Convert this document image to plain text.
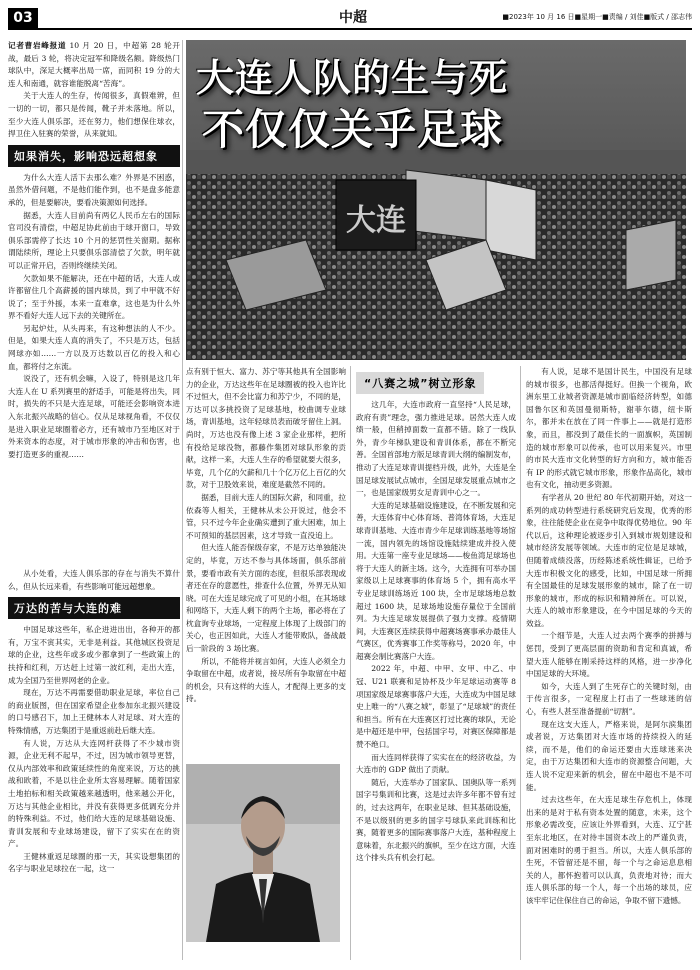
03	中超	■2023年 10 月 16 日■星期一■责编 / 刘佳■版式 / 邵志伟

记者曹岩峰报道 10 月 20 日，中超第 28 轮开战，最后 3 轮，将决定冠军和降级名额。降级热门球队中，深足大概率出局一席，而同积 19 分的大连人和南通，就容谁能脱离“苦海”。

关于大连人的生存，传闻很多，真假难辨，但一切的一切，都只是传闻，靴子并未落地。所以，至少大连人俱乐部，还在努力，他们想保住球衣，捍卫住入驻赛的荣誉，从来就知。

如果消失，影响恐远超想象

为什么大连人活下去那么难？外界是不困惑，虽然外借问题，不是他们能作到，也不是盘多能意承的，但是要解决，要看决策源如何选择。

据悉，大连人目前尚有两亿人民币左右的国际官司没有清偿，中超足协此前由于球开窗口，导致俱乐部需停了长达 10 个月的惩罚性关窗期。据称谓陆续所，理论上只要俱乐部清偿了欠款，明年就可以正常开启，否则终继续关闭。

欠款如果不能解决，还在中超的话，大连人或许都留住几个高薪援的国内球员，到了中甲就不好说了；至于外援，本来一直难拿，这也是为什么外界不看好大连人远下去的关键所在。

另起炉灶，从头再来，有这种想法的人不少。但是，如果大连人真的消失了，不只是万达，包括网球亦如……一方以及万达数以百亿的投入和心血，都将付之东流。

说没了，还有机会嘛，入设了，特别是这几年大连人在 U 系列赛里的舒适手，可能是将出失，同时，损失的不只是大连足球，可能还会影响资本进入东北振兴战略的信心。仅从足球视角看，不仅仅是进入职业足球圈着必方，还有城市乃至地区对于外来资本的态度，对于城市形象的冲击和伤害，也要打造更多的重视……

从小处看，大连人俱乐部的存在与消失不算什么，但从长远来看，有些影响可能远超想象。

万达的苦与大连的难

中国足球这些年，私企进进出出，各种开的都有，万宝不寅其实，无非是利益。其他城区投资足球的企业，这些年或多或少都拿到了一些政策上的扶持和红利，万达赶上过第一波红利，走出大连，成为全国乃至世界网老的企业。

现在，万达不再需要借助职业足球，率位自己的商业版图，但在国家希望企业参加东北振兴建设的口号感召下，加上王健林本人对足球、对大连的特殊情感，万达集团于是重返前赴后继大连。

有人说，万达从大连网杆获得了不少城市资源，企业无利不起早，不过，因为城市领导更替，仅从内部效率和政策延续性的角度来说，万达的挑战和欧着，不是以往企业所太容易理解。随着国家土地拍标和相关政策越来越透明，他来越公开化，万达与其他企业相比，并没有获得更多低调充分并的特殊利益。不过，他们给大连的足球基础设施、青训发展和专业球场建设，留下了实实在在的资产。

王健林重返足球圈的那一天，其实设想集团的名字与职业足球拉在一起，这一

大连
大连人队的生与死
不仅仅关乎足球

点有别于恒大、富力、苏宁等其他具有全国影响力的企业，万达这些年在足球圈被的投入也许比不过恒大，但不会比富力和苏宁少，不同的是，万达可以多挑投资了足球基地，校曲调专业球场，青训基地，这年轻球员表而破牙留住上洞。尚时，万达也没有像上述 3 家企业那样，把所有投给足球没物，都藤作集团对球队形象的贡献，这样一来，大连人生存的希望就要大很多，毕竟，几个亿的欠薪和几十个亿万亿上百亿的欠款，对于卫股效来说，难度是截然不同的。

据悉，目前大连人的国际欠薪，和同重，拉依森等人相关，王健林从未公开说过，他会不管，只不过今年企业确实遭到了重大困难，加上不可预知的基层因素，这才导致一直没追上。

但大连人能否保级存家，不是万达单独能决定的，毕竟，万达不参与具体场面，俱乐部前景，要看市政有关方面的态度，但很乐部表现或者还在存的意愿性，排查什么位置，外界无从知晓。可在大连足球完成了可见的小组，在其场球和网络下，大连人剩下的两个主场，都必将在了枕盒询专业球场，一定程度上体现了上级部门的关心，也正因如此，大连人才能带败队，备战最后一阶段的 3 场比赛。

所以，不能将并视言如何，大连人必须全力争取留在中超，成者说，接尽所有争取留在中超的机会，只有这样的大连人，才配得上更多的支持。

“八赛之城”树立形象

这几年，大连市政府一直坚持“人民足球，政府有责”理念，强力推进足球。居然大连人成绩一般，但稍掉面数一直都不错。除了一线队外，青少年梯队建设和青训体系，都在不断完善。全国首部地方版足球青训大纲的编制发布，推动了大连足球青训提档升级，此外，大连是全国足球发展试点城市，全国足球发展重点城市之一，也是国家级男女足青训中心之一。

大连的足球基础设施建设，在不断发展和完善，大连体育中心体育场、普湾体育场，大连足球青训基地、大连市青少年足球训练基地等场馆一流，国内领先的场馆设施陆续建成并投入使用。大连第一座专业足球场——梭鱼湾足球场也将于大连人的新主场。这今，大连拥有可举办国家级以上足球赛事的体育场 5 个，拥有高水平专业足球训练场近 100 块，全市足球场地总数超过 1600 块，足球场地设施存量位于全国前列。为大连足球发展提供了强力支撑。疫情期间，大连赛区连续获得中超赛场赛事承办最佳人气赛区，优秀赛事工作奖等称号，2020 年，中超赛会制比赛落户大连。

2022 年，中超、中甲、女甲、中乙、中冠、U21 联赛和足协杯及少年足球运动赛等 8 项国家级足球赛事落户大连，大连成为中国足球史上唯一的“八赛之城”，彰显了“足球城”的责任和担当。所有在大连赛区打过比赛的球队，无论是中超还是中甲，包括国字号，对赛区保障都是赞不绝口。

而大连同样获得了实实在在的经济收益，为大连市的 GDP 做出了贡献。

随后，大连举办了国家队、国奥队等一系列国字号集训和比赛，这是过去许多年都不曾有过的，过去这两年，在职业足球、但其基础设施，不是以级别的更多的国字号球队来此训练和比赛，随着更多的国际赛事落户大连，基种程度上意味着，东北振兴的旗帜，至少在这方面，大连这个排头兵有机会打起。

有人说，足球不是国计民生，中国没有足球的城市很多，也都活得挺好。但换一个视角，欧洲东里工业城者资源是城市面临经济转型，如德国鲁尔区和英国曼彻斯特，谢菲尔德，纽卡斯尔，都并未在放在了同一件事上——就是打造形象，而且，都没到了最佳长的一面旗帜，英国制造的城市形象可以传承，也可以用来复兴。市里的市民大连市文化转型的好方向和方，城市能否有 IP 的形式就它城市形象，形象作品高化，城市也有文化，抽动更多资源。

有学者从 20 世纪 80 年代初期开始，对这一系列的成功转型进行系统研究后发现，优秀的形象，往往能使企业在竞争中取得优势地位。90 年代以后，这种理论被逐步引入到城市规划建设和城市经济发展等领域。大连市的定位是足球城，但随着成绩没落，历经陈述系统性辑证，已给予大连市积极文化的感受，比如，中国足球一所拥有全国最佳的足球发展形象的城市，除了在一切形象的城市，形成的标识和精神所在。可以说，大连人的城市形象建设，在今中国足球的今天的效益。

一个细节是，大连人过去两个赛季的拼搏与惩罚，受到了更高层面的资助和肯定和真诚，希望大连人能够在刚采持这样的风格，进一步净化中国足球的大环境。

如今，大连人到了生死存亡的关键时刻，由于传言很多，一定程度上打击了一些球迷的信心，有些人甚至准备提前“切割”。

现在这支大连人，严格来说，是阿尔滨集团或者说，万达集团对大连市场的持续投入的延续，而不是，他们的命运还要由大连球迷来决定，由于万达集团和大连市的资源整合问题，大连人说不定迎来新的机会，留在中超也不是不可能。

过去这些年，在大连足球生存危机上，体现出来的是对于私有资本处置的随意，未来，这个形象必需改变，应该让外界看到，大连、辽宁甚至东北地区，在对待丰国资本改上的严谨负责，面对困难时的勇于担当。所以，大连人俱乐部的生死，不管留还是不留，每一个与之命运息息相关的人，都怀抱着可以认真，负责地对待；而大连人俱乐部的每一个人，每一个出场的球员，应该牢牢记住保住自己的命运，争取不留下遗憾。
